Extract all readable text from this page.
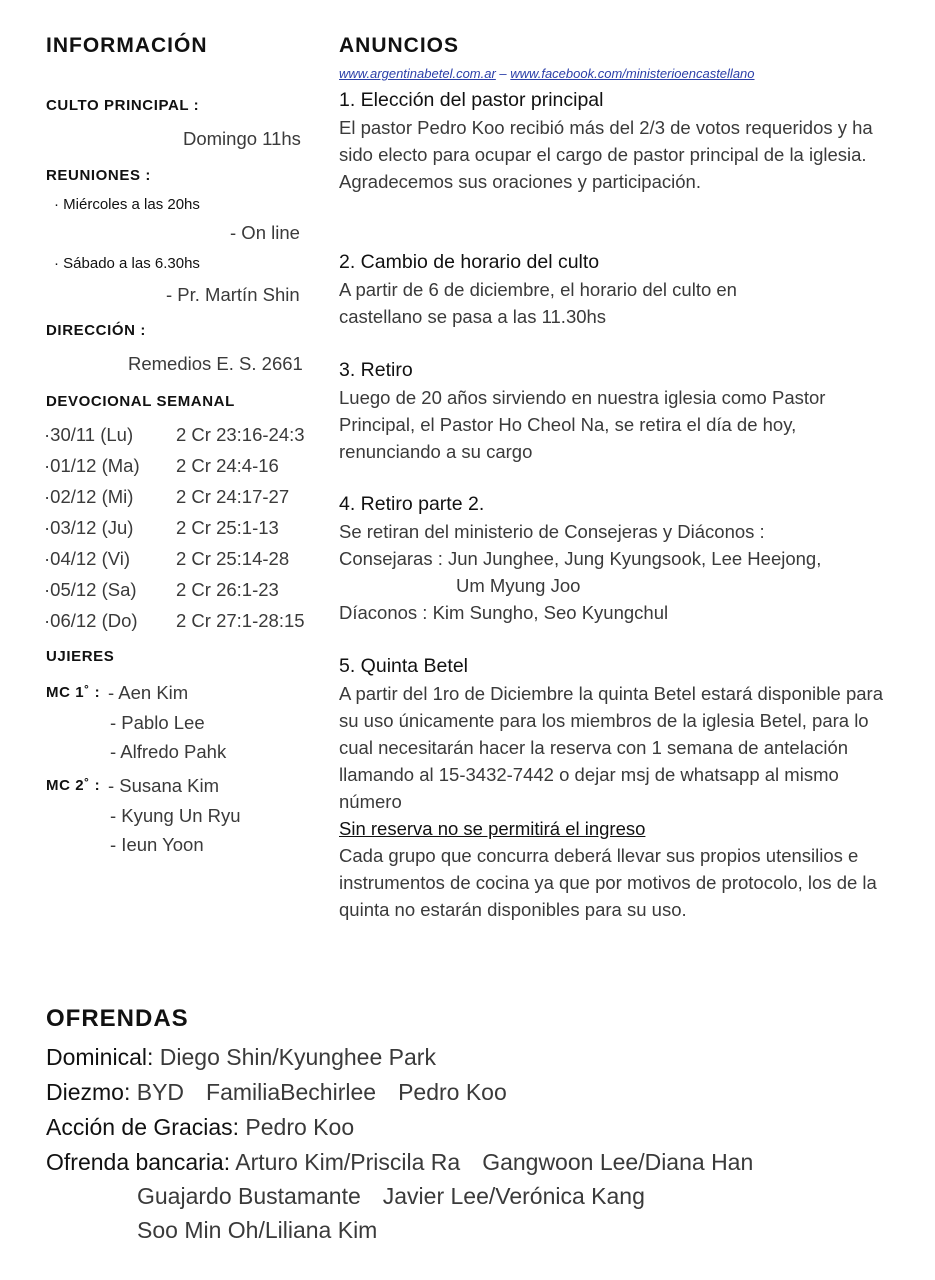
INFORMACIÓN
CULTO PRINCIPAL :
Domingo 11hs
REUNIONES :
· Miércoles a las 20hs
- On line
· Sábado a las 6.30hs
- Pr. Martín Shin
DIRECCIÓN :
Remedios E. S. 2661
DEVOCIONAL SEMANAL
·30/11 (Lu) 2 Cr 23:16-24:3
·01/12 (Ma) 2 Cr 24:4-16
·02/12 (Mi) 2 Cr 24:17-27
·03/12 (Ju) 2 Cr 25:1-13
·04/12 (Vi) 2 Cr 25:14-28
·05/12 (Sa) 2 Cr 26:1-23
·06/12 (Do) 2 Cr 27:1-28:15
UJIERES
MC 1˚ : - Aen Kim
- Pablo Lee
- Alfredo Pahk
MC 2˚ : - Susana Kim
- Kyung Un Ryu
- Ieun Yoon
ANUNCIOS
www.argentinabetel.com.ar – www.facebook.com/ministerioencastellano
1. Elección del pastor principal
El pastor Pedro Koo recibió más del 2/3 de votos requeridos y ha sido electo para ocupar el cargo de pastor principal de la iglesia. Agradecemos sus oraciones y participación.
2. Cambio de horario del culto
A partir de 6 de diciembre, el horario del culto en castellano se pasa a las 11.30hs
3. Retiro
Luego de 20 años sirviendo en nuestra iglesia como Pastor Principal, el Pastor Ho Cheol Na, se retira el día de hoy, renunciando a su cargo
4. Retiro parte 2.
Se retiran del ministerio de Consejeras y Diáconos :
Consejaras : Jun Junghee, Jung Kyungsook, Lee Heejong,
Um Myung Joo
Díaconos : Kim Sungho, Seo Kyungchul
5. Quinta Betel
A partir del 1ro de Diciembre la quinta Betel estará disponible para su uso únicamente para los miembros de la iglesia Betel, para lo cual necesitarán hacer la reserva con 1 semana de antelación llamando al 15-3432-7442 o dejar msj de whatsapp al mismo número
Sin reserva no se permitirá el ingreso
Cada grupo que concurra deberá llevar sus propios utensilios e instrumentos de cocina ya que por motivos de protocolo, los de la quinta no estarán disponibles para su uso.
OFRENDAS
Dominical: Diego Shin/Kyunghee Park
Diezmo: BYD FamiliaBechirlee Pedro Koo
Acción de Gracias: Pedro Koo
Ofrenda bancaria: Arturo Kim/Priscila Ra Gangwoon Lee/Diana Han
Guajardo Bustamante Javier Lee/Verónica Kang
Soo Min Oh/Liliana Kim
